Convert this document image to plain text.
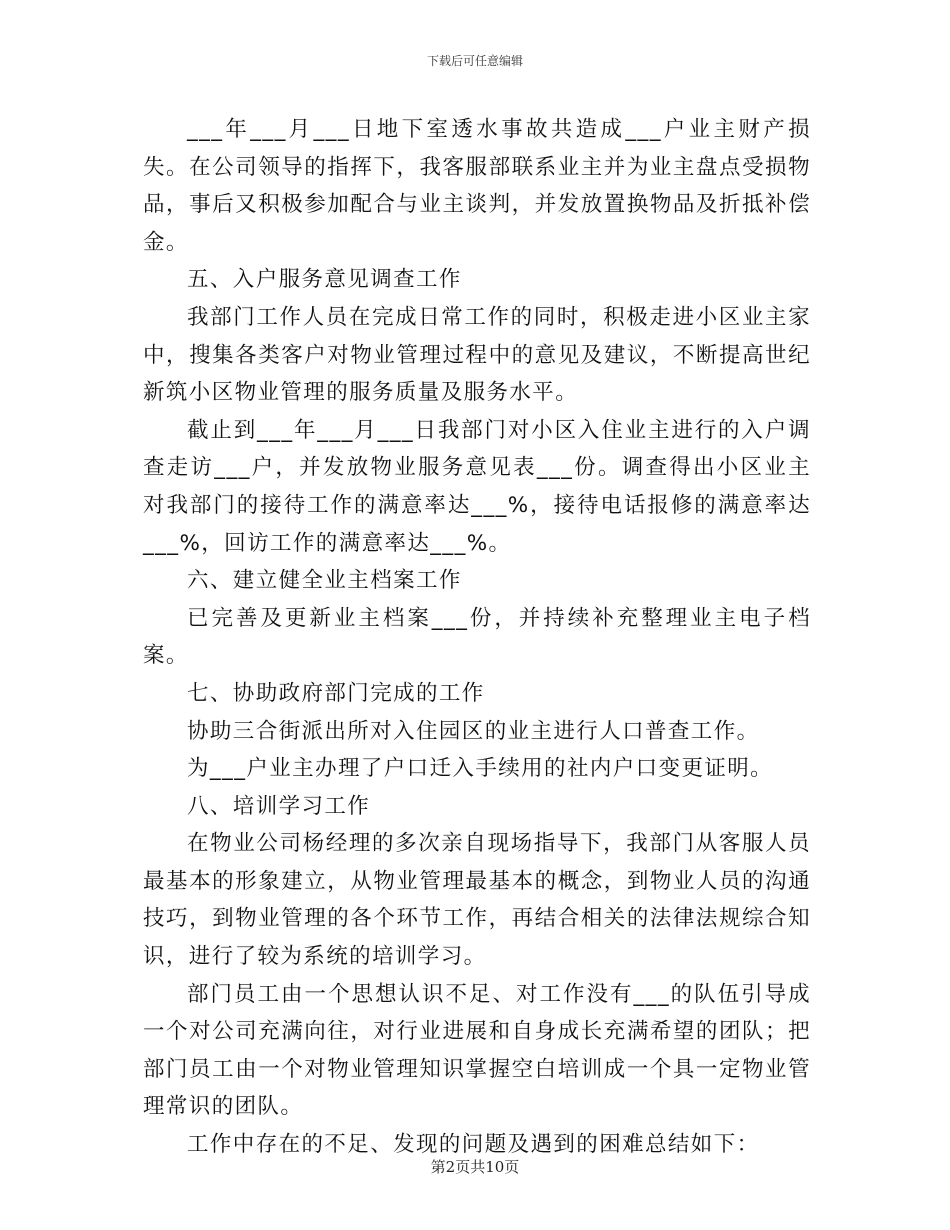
下载后可任意编辑

___年___月___日地下室透水事故共造成___户业主财产损失。在公司领导的指挥下，我客服部联系业主并为业主盘点受损物品，事后又积极参加配合与业主谈判，并发放置换物品及折抵补偿金。

五、入户服务意见调查工作

我部门工作人员在完成日常工作的同时，积极走进小区业主家中，搜集各类客户对物业管理过程中的意见及建议，不断提高世纪新筑小区物业管理的服务质量及服务水平。

截止到___年___月___日我部门对小区入住业主进行的入户调查走访___户，并发放物业服务意见表___份。调查得出小区业主对我部门的接待工作的满意率达___%，接待电话报修的满意率达___%，回访工作的满意率达___%。

六、建立健全业主档案工作

已完善及更新业主档案___份，并持续补充整理业主电子档案。

七、协助政府部门完成的工作

协助三合街派出所对入住园区的业主进行人口普查工作。

为___户业主办理了户口迁入手续用的社内户口变更证明。

八、培训学习工作

在物业公司杨经理的多次亲自现场指导下，我部门从客服人员最基本的形象建立，从物业管理最基本的概念，到物业人员的沟通技巧，到物业管理的各个环节工作，再结合相关的法律法规综合知识，进行了较为系统的培训学习。

部门员工由一个思想认识不足、对工作没有___的队伍引导成一个对公司充满向往，对行业进展和自身成长充满希望的团队；把部门员工由一个对物业管理知识掌握空白培训成一个具一定物业管理常识的团队。

工作中存在的不足、发现的问题及遇到的困难总结如下：

第2页共10页
